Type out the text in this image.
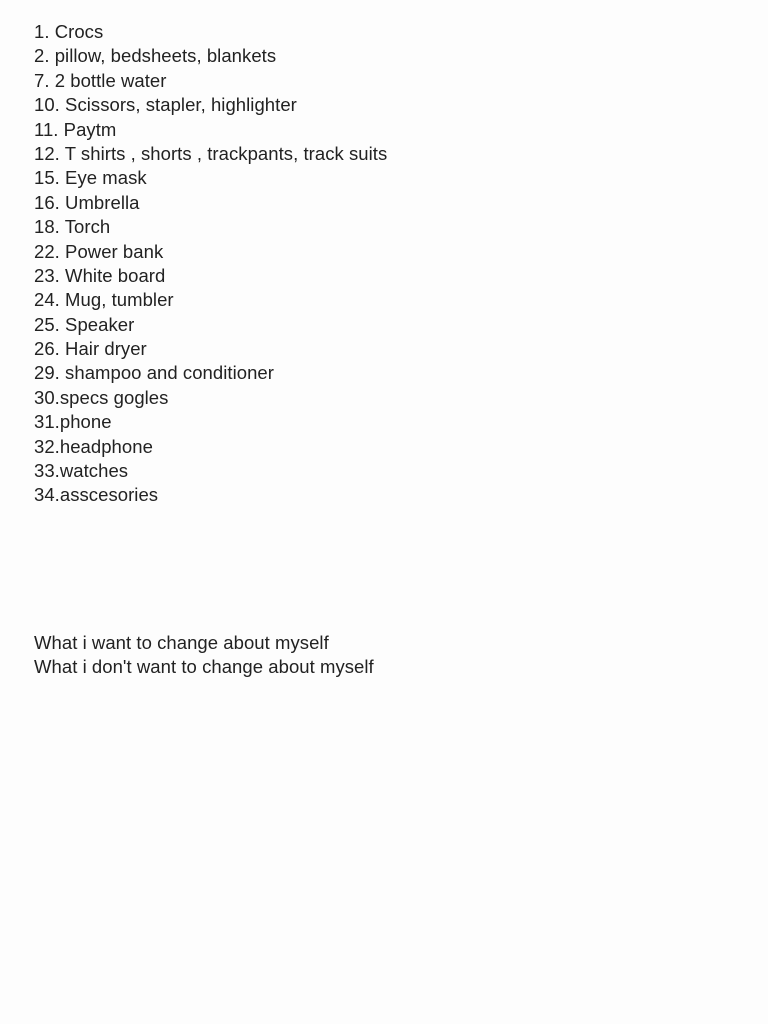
1. Crocs
2. pillow, bedsheets, blankets
7. 2 bottle water
10. Scissors, stapler, highlighter
11. Paytm
12. T shirts , shorts , trackpants, track suits
15. Eye mask
16. Umbrella
18. Torch
22. Power bank
23. White board
24. Mug, tumbler
25. Speaker
26. Hair dryer
29. shampoo and conditioner
30.specs gogles
31.phone
32.headphone
33.watches
34.asscesories
What i want to change about myself
What i don't want to change about myself
